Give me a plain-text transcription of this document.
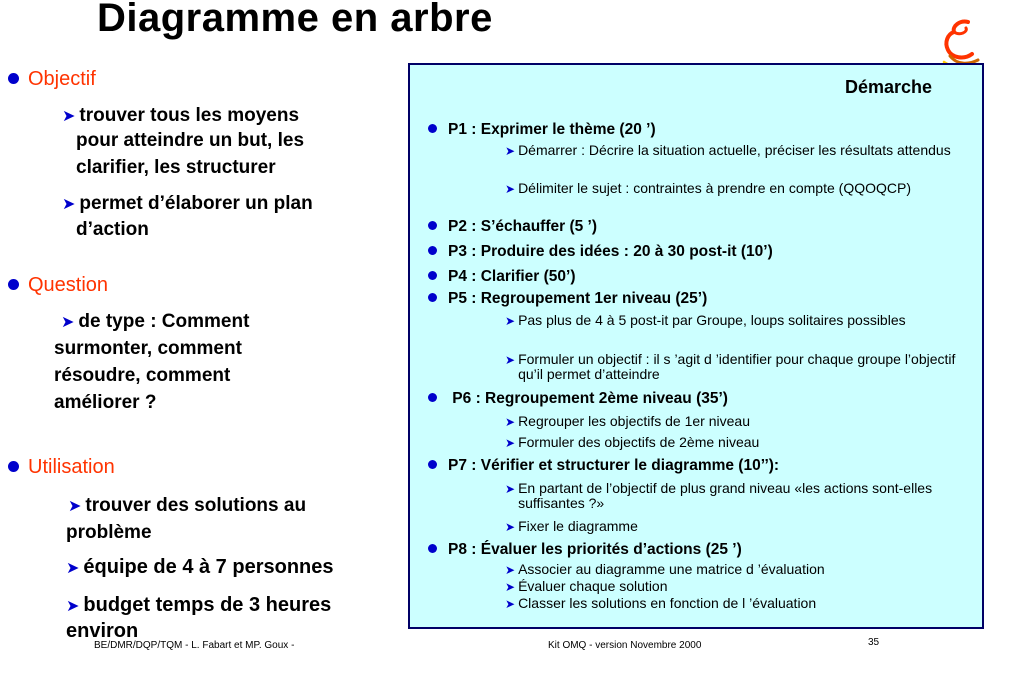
Diagramme en arbre
Objectif
➤ trouver tous les moyens
pour atteindre un but, les
clarifier, les structurer
➤ permet d’élaborer un plan
d’action
Question
➤ de type : Comment
surmonter, comment
résoudre, comment
améliorer ?
Utilisation
➤ trouver des solutions au
problème
➤ équipe de 4 à 7 personnes
➤ budget temps de 3 heures
environ
Démarche
P1 : Exprimer le thème (20 ’)
➤ Démarrer : Décrire la situation actuelle, préciser les résultats attendus
➤ Délimiter le sujet : contraintes à prendre en compte (QQOQCP)
P2 : S’échauffer (5 ’)
P3 : Produire des idées : 20 à 30 post-it (10’)
P4 : Clarifier (50’)
P5 : Regroupement 1er niveau (25’)
➤ Pas plus de 4 à 5 post-it par Groupe, loups solitaires possibles
➤ Formuler un objectif : il s ’agit d ’identifier pour chaque groupe l’objectif qu’il permet d’atteindre
P6 : Regroupement 2ème niveau (35’)
➤ Regrouper les objectifs de 1er niveau
➤ Formuler des objectifs de 2ème niveau
P7 : Vérifier et structurer le diagramme (10’’):
➤ En partant de l’objectif de plus grand niveau «les actions sont-elles suffisantes ?»
➤ Fixer le diagramme
P8 : Évaluer les priorités d’actions (25 ’)
➤ Associer au diagramme une matrice d ’évaluation
➤ Évaluer chaque solution
➤ Classer les solutions en fonction de l ’évaluation
BE/DMR/DQP/TQM - L. Fabart et MP. Goux -	Kit OMQ - version Novembre 2000	35
